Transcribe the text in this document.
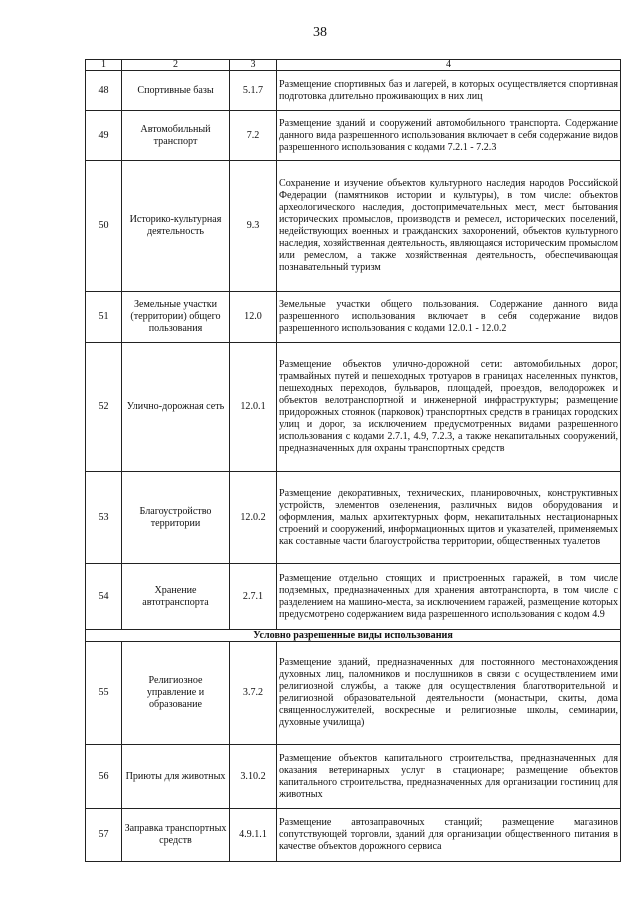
38
1	2	3	4
48	Спортивные базы	5.1.7	Размещение спортивных баз и лагерей, в которых осуществляется спортивная подготовка длительно проживающих в них лиц
49	Автомобильный транспорт	7.2	Размещение зданий и сооружений автомобильного транспорта. Содержание данного вида разрешенного использования включает в себя содержание видов разрешенного использования с кодами 7.2.1 - 7.2.3
50	Историко-культурная деятельность	9.3	Сохранение и изучение объектов культурного наследия народов Российской Федерации (памятников истории и культуры), в том числе: объектов археологического наследия, достопримечательных мест, мест бытования исторических промыслов, производств и ремесел, исторических поселений, недействующих военных и гражданских захоронений, объектов культурного наследия, хозяйственная деятельность, являющаяся историческим промыслом или ремеслом, а также хозяйственная деятельность, обеспечивающая познавательный туризм
51	Земельные участки (территории) общего пользования	12.0	Земельные участки общего пользования. Содержание данного вида разрешенного использования включает в себя содержание видов разрешенного использования с кодами 12.0.1 - 12.0.2
52	Улично-дорожная сеть	12.0.1	Размещение объектов улично-дорожной сети: автомобильных дорог, трамвайных путей и пешеходных тротуаров в границах населенных пунктов, пешеходных переходов, бульваров, площадей, проездов, велодорожек и объектов велотранспортной и инженерной инфраструктуры; размещение придорожных стоянок (парковок) транспортных средств в границах городских улиц и дорог, за исключением предусмотренных видами разрешенного использования с кодами 2.7.1, 4.9, 7.2.3, а также некапитальных сооружений, предназначенных для охраны транспортных средств
53	Благоустройство территории	12.0.2	Размещение декоративных, технических, планировочных, конструктивных устройств, элементов озеленения, различных видов оборудования и оформления, малых архитектурных форм, некапитальных нестационарных строений и сооружений, информационных щитов и указателей, применяемых как составные части благоустройства территории, общественных туалетов
54	Хранение автотранспорта	2.7.1	Размещение отдельно стоящих и пристроенных гаражей, в том числе подземных, предназначенных для хранения автотранспорта, в том числе с разделением на машино-места, за исключением гаражей, размещение которых предусмотрено содержанием вида разрешенного использования с кодом 4.9
Условно разрешенные виды использования			
55	Религиозное управление и образование	3.7.2	Размещение зданий, предназначенных для постоянного местонахождения духовных лиц, паломников и послушников в связи с осуществлением ими религиозной службы, а также для осуществления благотворительной и религиозной образовательной деятельности (монастыри, скиты, дома священнослужителей, воскресные и религиозные школы, семинарии, духовные училища)
56	Приюты для животных	3.10.2	Размещение объектов капитального строительства, предназначенных для оказания ветеринарных услуг в стационаре; размещение объектов капитального строительства, предназначенных для организации гостиниц для животных
57	Заправка транспортных средств	4.9.1.1	Размещение автозаправочных станций; размещение магазинов сопутствующей торговли, зданий для организации общественного питания в качестве объектов дорожного сервиса
